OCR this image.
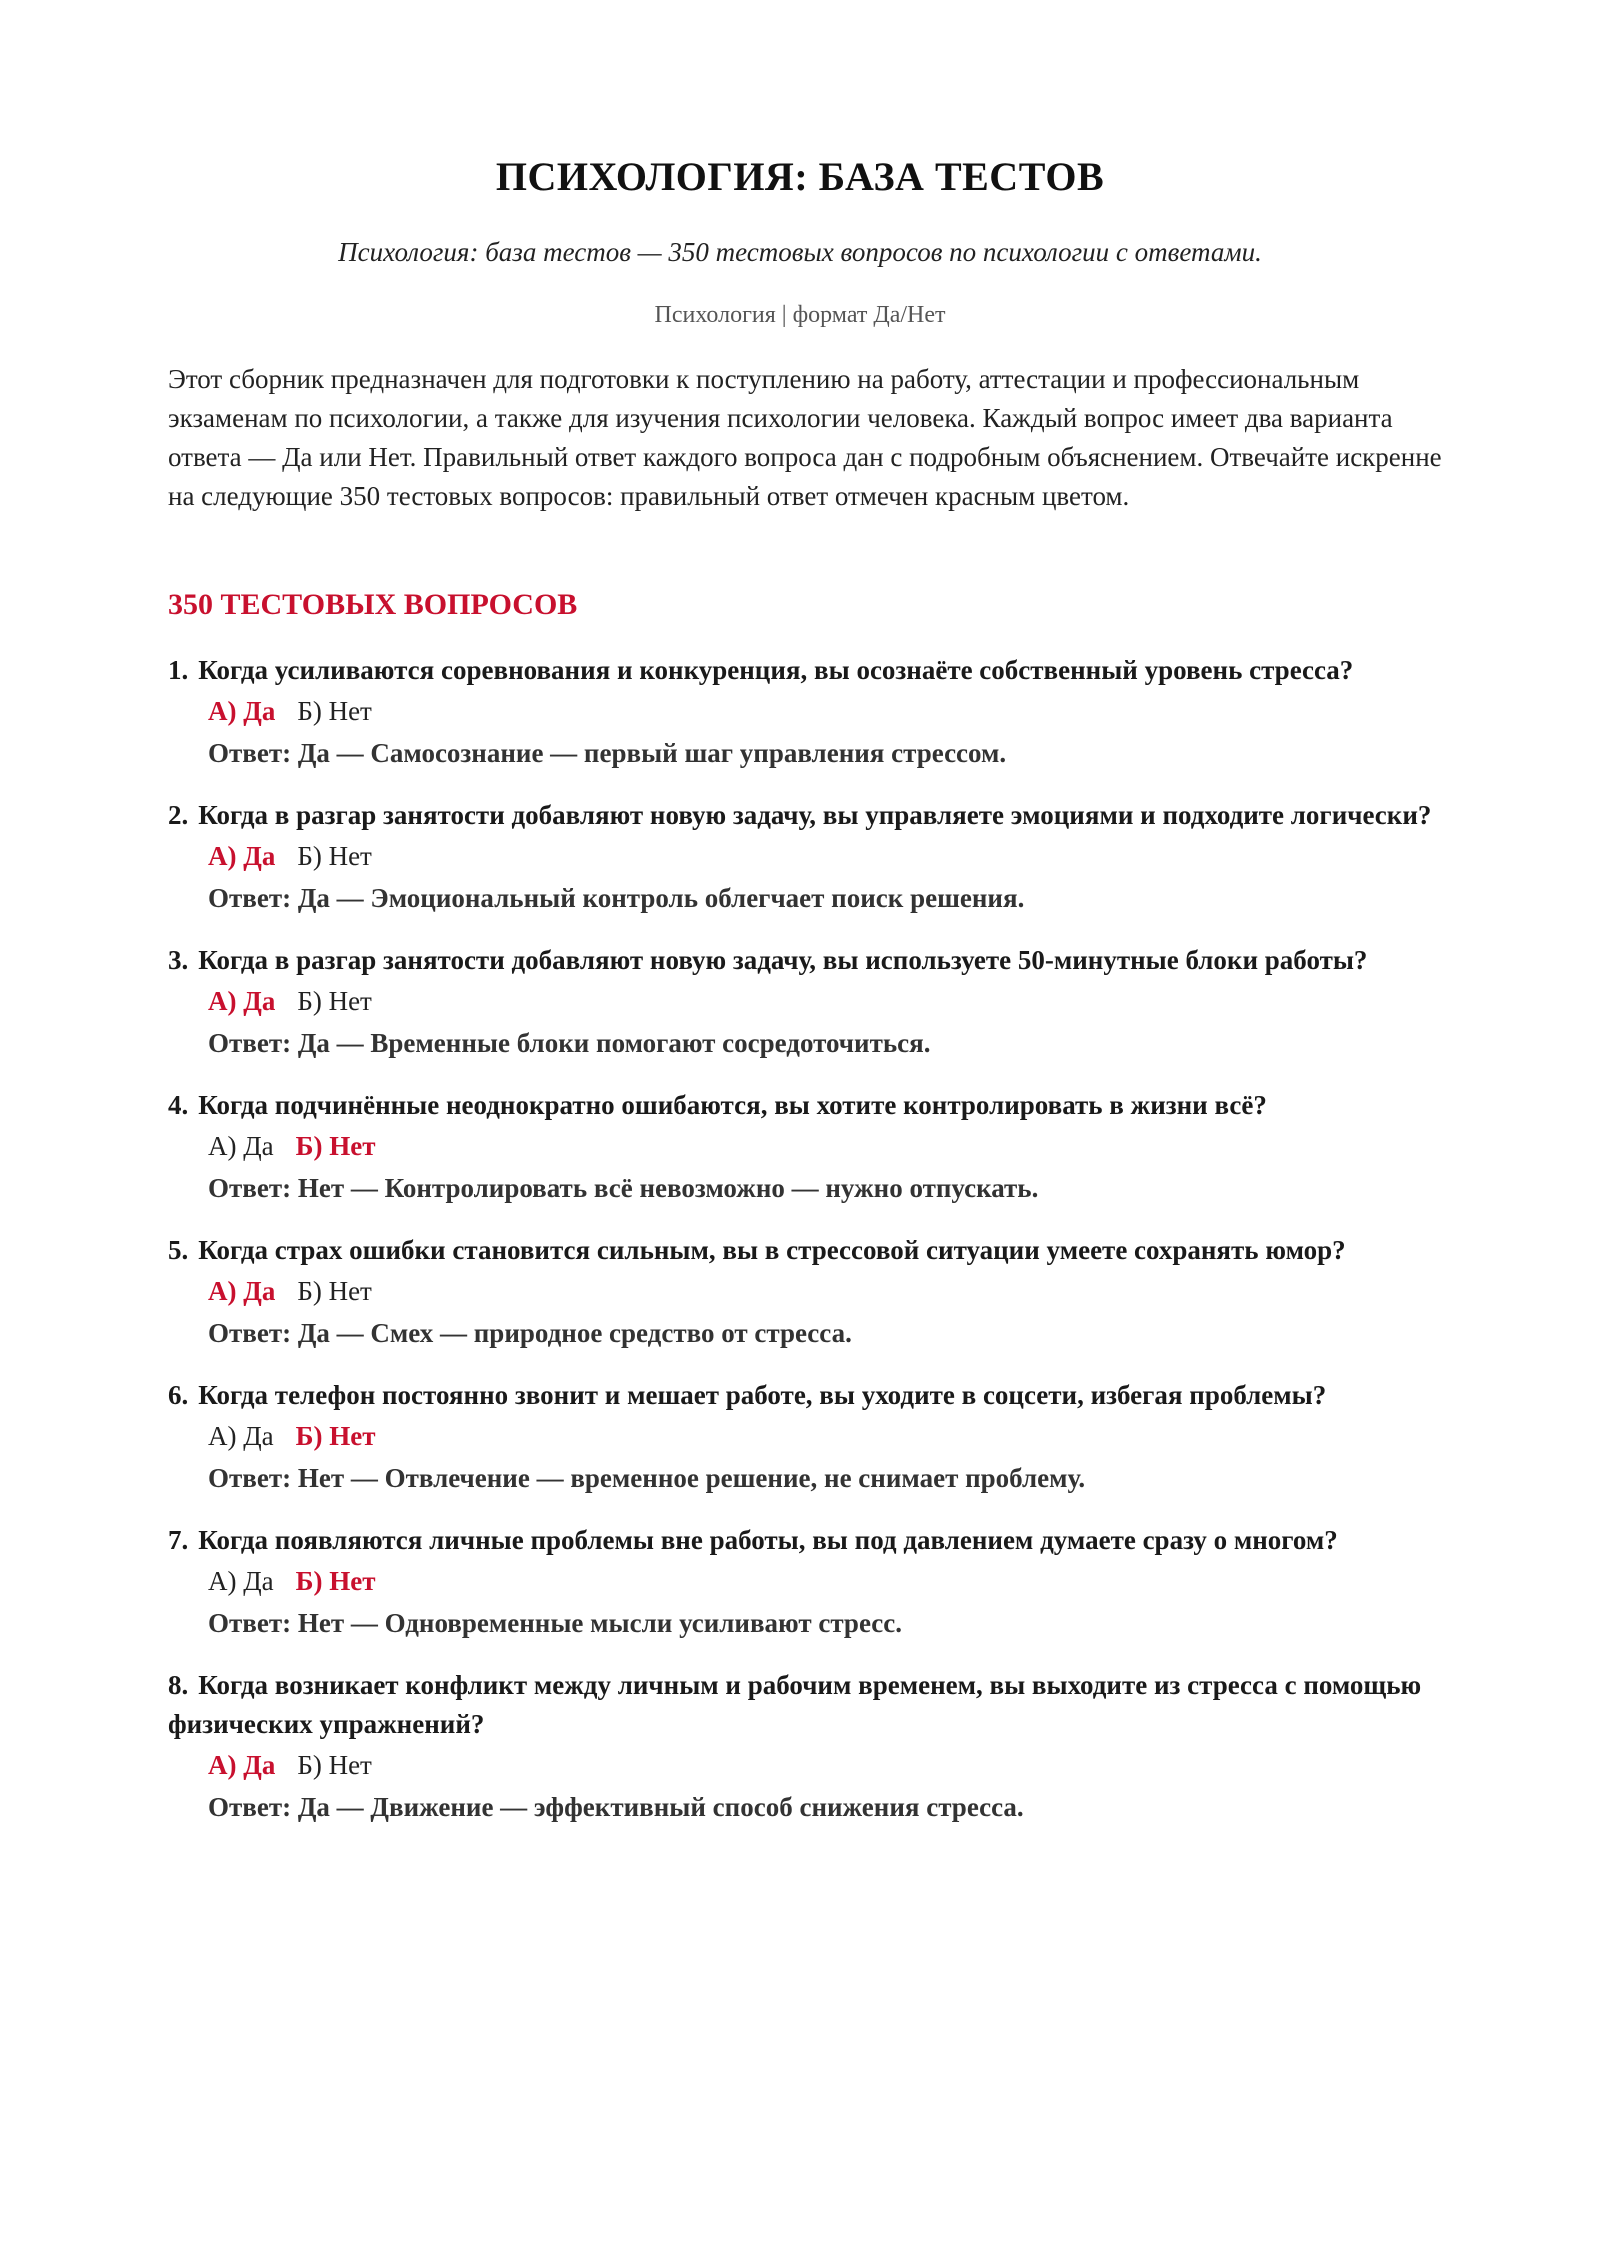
ПСИХОЛОГИЯ: БАЗА ТЕСТОВ
Психология: база тестов — 350 тестовых вопросов по психологии с ответами.
Психология | формат Да/Нет
Этот сборник предназначен для подготовки к поступлению на работу, аттестации и профессиональным экзаменам по психологии, а также для изучения психологии человека. Каждый вопрос имеет два варианта ответа — Да или Нет. Правильный ответ каждого вопроса дан с подробным объяснением. Отвечайте искренне на следующие 350 тестовых вопросов: правильный ответ отмечен красным цветом.
350 ТЕСТОВЫХ ВОПРОСОВ
1. Когда усиливаются соревнования и конкуренция, вы осознаёте собственный уровень стресса?
А) Да Б) Нет
Ответ: Да — Самосознание — первый шаг управления стрессом.
2. Когда в разгар занятости добавляют новую задачу, вы управляете эмоциями и подходите логически?
А) Да Б) Нет
Ответ: Да — Эмоциональный контроль облегчает поиск решения.
3. Когда в разгар занятости добавляют новую задачу, вы используете 50-минутные блоки работы?
А) Да Б) Нет
Ответ: Да — Временные блоки помогают сосредоточиться.
4. Когда подчинённые неоднократно ошибаются, вы хотите контролировать в жизни всё?
А) Да Б) Нет
Ответ: Нет — Контролировать всё невозможно — нужно отпускать.
5. Когда страх ошибки становится сильным, вы в стрессовой ситуации умеете сохранять юмор?
А) Да Б) Нет
Ответ: Да — Смех — природное средство от стресса.
6. Когда телефон постоянно звонит и мешает работе, вы уходите в соцсети, избегая проблемы?
А) Да Б) Нет
Ответ: Нет — Отвлечение — временное решение, не снимает проблему.
7. Когда появляются личные проблемы вне работы, вы под давлением думаете сразу о многом?
А) Да Б) Нет
Ответ: Нет — Одновременные мысли усиливают стресс.
8. Когда возникает конфликт между личным и рабочим временем, вы выходите из стресса с помощью физических упражнений?
А) Да Б) Нет
Ответ: Да — Движение — эффективный способ снижения стресса.
